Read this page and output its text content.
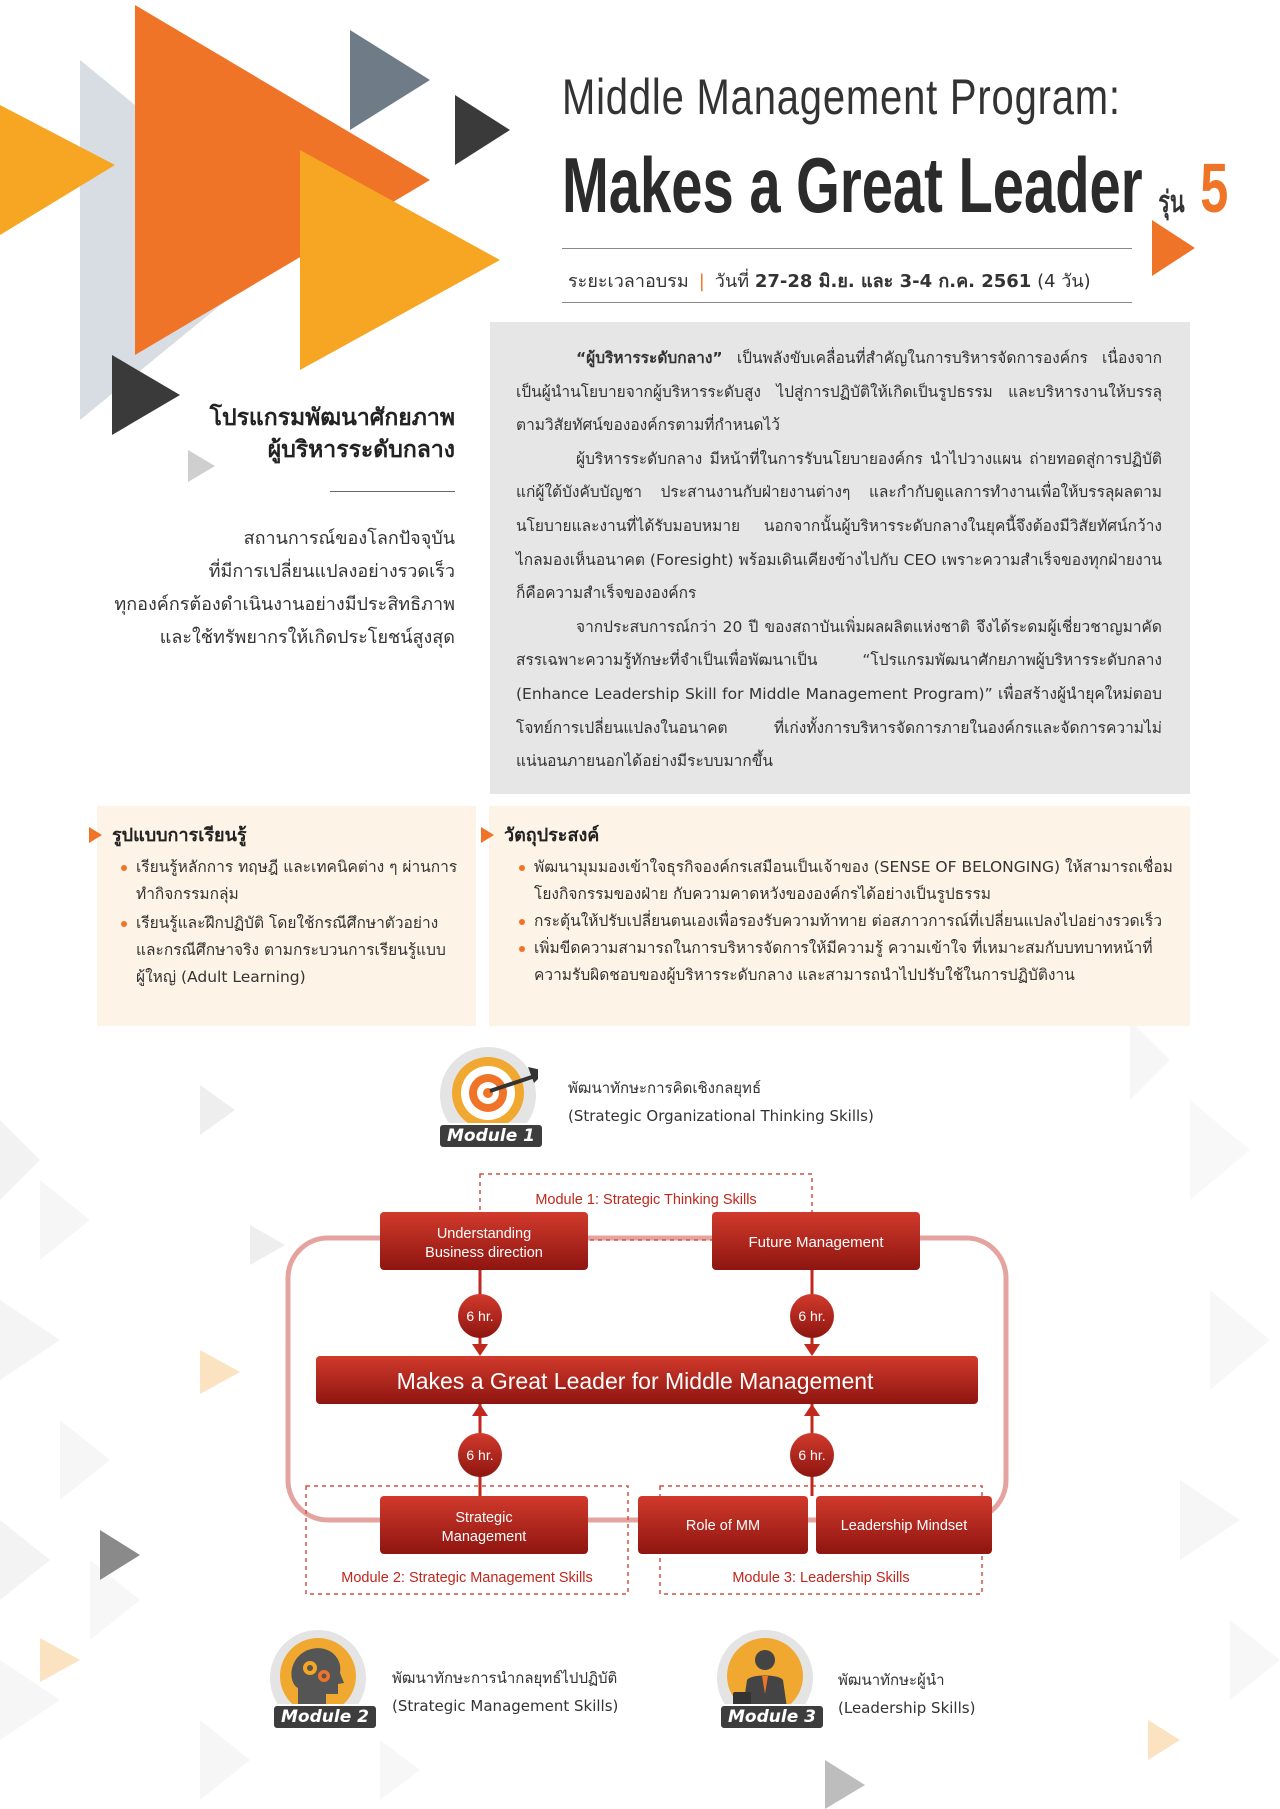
Middle Management Program:
Makes a Great Leader รุ่น 5
ระยะเวลาอบรม | วันที่ 27-28 มิ.ย. และ 3-4 ก.ค. 2561 (4 วัน)
โปรแกรมพัฒนาศักยภาพ
ผู้บริหารระดับกลาง
สถานการณ์ของโลกปัจจุบัน
ที่มีการเปลี่ยนแปลงอย่างรวดเร็ว
ทุกองค์กรต้องดำเนินงานอย่างมีประสิทธิภาพ
และใช้ทรัพยากรให้เกิดประโยชน์สูงสุด

“ผู้บริหารระดับกลาง” เป็นพลังขับเคลื่อนที่สำคัญในการบริหารจัดการองค์กร เนื่องจากเป็นผู้นำนโยบายจากผู้บริหารระดับสูง ไปสู่การปฏิบัติให้เกิดเป็นรูปธรรม และบริหารงานให้บรรลุตามวิสัยทัศน์ขององค์กรตามที่กำหนดไว้

ผู้บริหารระดับกลาง มีหน้าที่ในการรับนโยบายองค์กร นำไปวางแผน ถ่ายทอดสู่การปฏิบัติแก่ผู้ใต้บังคับบัญชา ประสานงานกับฝ่ายงานต่างๆ และกำกับดูแลการทำงานเพื่อให้บรรลุผลตามนโยบายและงานที่ได้รับมอบหมาย นอกจากนั้นผู้บริหารระดับกลางในยุคนี้จึงต้องมีวิสัยทัศน์กว้างไกลมองเห็นอนาคต (Foresight) พร้อมเดินเคียงข้างไปกับ CEO เพราะความสำเร็จของทุกฝ่ายงานก็คือความสำเร็จขององค์กร

จากประสบการณ์กว่า 20 ปี ของสถาบันเพิ่มผลผลิตแห่งชาติ จึงได้ระดมผู้เชี่ยวชาญมาคัดสรรเฉพาะความรู้ทักษะที่จำเป็นเพื่อพัฒนาเป็น “โปรแกรมพัฒนาศักยภาพผู้บริหารระดับกลาง (Enhance Leadership Skill for Middle Management Program)” เพื่อสร้างผู้นำยุคใหม่ตอบโจทย์การเปลี่ยนแปลงในอนาคต ที่เก่งทั้งการบริหารจัดการภายในองค์กรและจัดการความไม่แน่นอนภายนอกได้อย่างมีระบบมากขึ้น

รูปแบบการเรียนรู้
เรียนรู้หลักการ ทฤษฎี และเทคนิคต่าง ๆ ผ่านการทำกิจกรรมกลุ่ม
เรียนรู้และฝึกปฏิบัติ โดยใช้กรณีศึกษาตัวอย่างและกรณีศึกษาจริง ตามกระบวนการเรียนรู้แบบผู้ใหญ่ (Adult Learning)
วัตถุประสงค์
พัฒนามุมมองเข้าใจธุรกิจองค์กรเสมือนเป็นเจ้าของ (SENSE OF BELONGING) ให้สามารถเชื่อมโยงกิจกรรมของฝ่าย กับความคาดหวังขององค์กรได้อย่างเป็นรูปธรรม
กระตุ้นให้ปรับเปลี่ยนตนเองเพื่อรองรับความท้าทาย ต่อสภาวการณ์ที่เปลี่ยนแปลงไปอย่างรวดเร็ว
เพิ่มขีดความสามารถในการบริหารจัดการให้มีความรู้ ความเข้าใจ ที่เหมาะสมกับบทบาทหน้าที่ความรับผิดชอบของผู้บริหารระดับกลาง และสามารถนำไปปรับใช้ในการปฏิบัติงาน
Module 1
พัฒนาทักษะการคิดเชิงกลยุทธ์
(Strategic Organizational Thinking Skills)
Module 1: Strategic Thinking Skills
Understanding
Business direction
Future Management
6 hr.	6 hr.
Makes a Great Leader for Middle Management
6 hr.	6 hr.
Strategic
Management
Role of MM	Leadership Mindset
Module 2: Strategic Management Skills	Module 3: Leadership Skills
Module 2
พัฒนาทักษะการนำกลยุทธ์ไปปฏิบัติ
(Strategic Management Skills)
Module 3
พัฒนาทักษะผู้นำ
(Leadership Skills)
